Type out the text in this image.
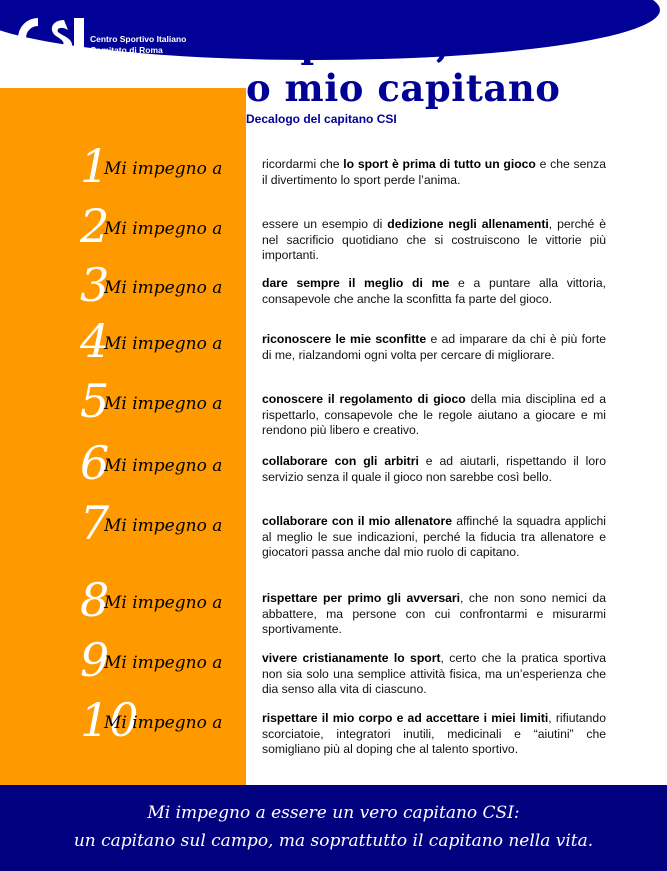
Centro Sportivo Italiano
Comitato di Roma	Capitano,
o mio capitano
Decalogo del capitano CSI
1
Mi impegno a	ricordarmi che lo sport è prima di tutto un gioco e che senza il divertimento lo sport perde l’anima.
2
Mi impegno a	essere un esempio di dedizione negli allenamenti, perché è nel sacrificio quotidiano che si costruiscono le vittorie più importanti.
3
Mi impegno a	dare sempre il meglio di me e a puntare alla vittoria, consapevole che anche la sconfitta fa parte del gioco.
4
Mi impegno a	riconoscere le mie sconfitte e ad imparare da chi è più forte di me, rialzandomi ogni volta per cercare di migliorare.
5
Mi impegno a	conoscere il regolamento di gioco della mia disciplina ed a rispettarlo, consapevole che le regole aiutano a giocare e mi rendono più libero e creativo.
6
Mi impegno a	collaborare con gli arbitri e ad aiutarli, rispettando il loro servizio senza il quale il gioco non sarebbe così bello.
7
Mi impegno a	collaborare con il mio allenatore affinché la squadra applichi al meglio le sue indicazioni, perché la fiducia tra allenatore e giocatori passa anche dal mio ruolo di capitano.
8
Mi impegno a	rispettare per primo gli avversari, che non sono nemici da abbattere, ma persone con cui confrontarmi e misurarmi sportivamente.
9
Mi impegno a	vivere cristianamente lo sport, certo che la pratica sportiva non sia solo una semplice attività fisica, ma un’esperienza che dia senso alla vita di ciascuno.
10
Mi impegno a	rispettare il mio corpo e ad accettare i miei limiti, rifiutando scorciatoie, integratori inutili, medicinali e “aiutini” che somigliano più al doping che al talento sportivo.
Mi impegno a essere un vero capitano CSI:
un capitano sul campo, ma soprattutto il capitano nella vita.
